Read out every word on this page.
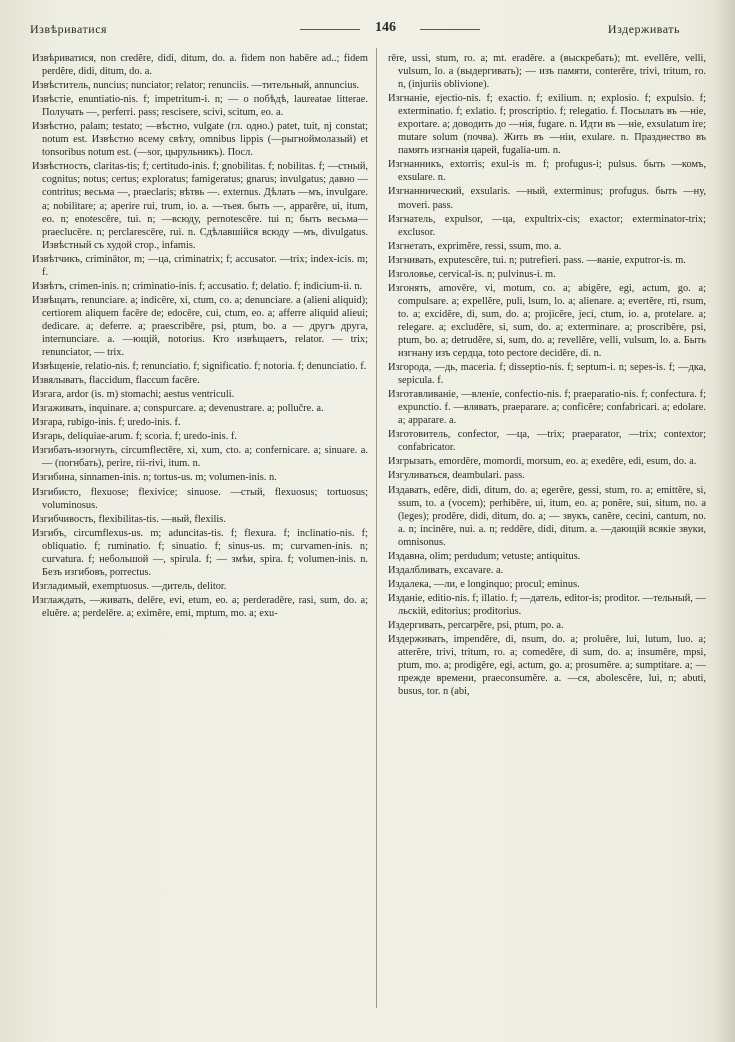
Извѣриватися	146	Издерживать

Извѣриватися, non credĕre, didi, ditum, do. a. fidem non habēre ad..; fidem perdĕre, didi, ditum, do. a.

Извѣститель, nuncius; nunciator; relator; renunciis. —тительный, annuncius.

Извѣстіе, enuntiatio-nis. f; impetritum-i. n; — о побѣдѣ, laureatae litterae. Получать —, perferri. pass; rescisere, scivi, scitum, eo. a.

Извѣстно, palam; testato; —вѣстно, vulgate (гл. одно.) patet, tuit, nj constat; notum est. Извѣстно всему свѣту, omnibus lippis (—рыгноймолазый) et tonsoribus notum est. (—sor, цырульникъ). Посл.

Извѣстность, claritas-tis; f; certitudo-inis. f; gnobilitas. f; nobilitas. f; —стный, cognitus; notus; certus; exploratus; famigeratus; gnarus; invulgatus; давно — contritus; весьма —, praeclaris; вѣтвь —. externus. Дѣлать —мъ, invulgare. a; nobilitare; a; aperire rui, trum, io. a. —тьея. быть —, apparēre, ui, itum, eo. n; enotescēre, tui. n; —всюду, pernotescēre. tui n; быть весьма— praeclucēre. n; perclarescēre, rui. n. Сдѣлавшійся всюду —мъ, divulgatus. Извѣстный съ худой стор., infamis.

Извѣтчикъ, criminātor, m; —ца, criminatrix; f; accusator. —trix; index-icis. m; f.

Извѣтъ, crimen-inis. n; criminatio-inis. f; accusatio. f; delatio. f; indicium-ii. n.

Извѣщать, renunciare. a; indicēre, xi, ctum, co. a; denunciare. a (alieni aliquid); certiorem aliquem facēre de; edocēre, cui, ctum, eo. a; afferre aliquid alieui; dedicare. a; deferre. a; praescribēre, psi, ptum, bo. a — другъ друга, internunciare. a. —ющій, notorius. Кто извѣщаетъ, relator. — trix; renunciator, — trix.

Извѣщеніе, relatio-nis. f; renunciatio. f; significatio. f; notoria. f; denunciatio. f.

Извялывать, flaccidum, flaccum facēre.

Изгага, ardor (is. m) stomachi; aestus ventriculi.

Изгаживать, inquinare. a; conspurcare. a; devenustrare. a; pollučre. a.

Изгара, rubigo-inis. f; uredo-inis. f.

Изгарь, deliquiae-arum. f; scoria. f; uredo-inis. f.

Изгибать-изогнуть, circumflectēre, xi, xum, cto. a; confernicare. a; sinuare. a. — (погнбать), perire, rii-rivi, itum. n.

Изгибина, sinnamen-inis. n; tortus-us. m; volumen-inis. n.

Изгибисто, flexuose; flexivice; sinuose. —стый, flexuosus; tortuosus; voluminosus.

Изгибчивость, flexibilitas-tis. —вый, flexilis.

Изгибъ, circumflexus-us. m; aduncitas-tis. f; flexura. f; inclinatio-nis. f; obliquatio. f; ruminatio. f; sinuatio. f; sinus-us. m; curvamen-inis. n; curvatura. f; небольшой —, spirula. f; — змѣи, spira. f; volumen-inis. n. Безъ изгибовъ, porrectus.

Изгладимый, exemptuosus. —дитель, delitor.

Изглаждать, —живать, delēre, evi, etum, eo. a; perderadēre, rasi, sum, do. a; eluĕre. a; perdelēre. a; eximĕre, emi, mptum, mo. a; exu-

rēre, ussi, stum, ro. a; mt. eradĕre. a (выскребать); mt. evellĕre, velli, vulsum, lo. a (выдергивать); — изъ памяти, conterēre, trivi, tritum, ro. n, (injuriis oblivione).

Изгнаніе, ejectio-nis. f; exactio. f; exilium. n; explosio. f; expulsio. f; exterminatio. f; exlatio. f; proscriptio. f; relegatio. f. Посылать въ —ніе, exportare. a; доводить до —нія, fugare. n. Идти въ —ніе, exsulatum ire; mutare solum (почва). Жить въ —ніи, exulare. n. Празднество въ память изгнанія царей, fugalia-um. n.

Изгнанникъ, extorris; exul-is m. f; profugus-i; pulsus. быть —комъ, exsulare. n.

Изгнаннический, exsularis. —ный, exterminus; profugus. быть —ну, moveri. pass.

Изгнатель, expulsor, —ца, expultrix-cis; exactor; exterminator-trix; exclusor.

Изгнетать, exprimĕre, ressi, ssum, mo. a.

Изгнивать, exputescēre, tui. n; putrefieri. pass. —ваніе, exputror-is. m.

Изголовье, cervical-is. n; pulvinus-i. m.

Изгонять, amovēre, vi, motum, co. a; abigĕre, egi, actum, go. a; compulsare. a; expellĕre, puli, lsum, lo. a; alienare. a; evertĕre, rti, rsum, to. a; excidĕre, di, sum, do. a; projicĕre, jeci, ctum, io. a, protelare. a; relegare. a; excludĕre, si, sum, do. a; exterminare. a; proscribĕre, psi, ptum, bo. a; detrudĕre, si, sum, do. a; revellĕre, velli, vulsum, lo. a. Быть изгнану изъ сердца, toto pectore decidĕre, di. n.

Изгорода, —дь, maceria. f; disseptio-nis. f; septum-i. n; sepes-is. f; —дка, sepicula. f.

Изготавливаніе, —вленіе, confectio-nis. f; praeparatio-nis. f; confectura. f; expunctio. f. —влявать, praeparare. a; conficĕre; confabricari. a; edolare. a; apparare. a.

Изготовитель, confector, —ца, —trix; praeparator, —trix; contextor; confabricator.

Изгрызать, emordēre, momordi, morsum, eo. a; exedĕre, edi, esum, do. a.

Изгуливаться, deambulari. pass.

Издавать, edĕre, didi, ditum, do. a; egerĕre, gessi, stum, ro. a; emittĕre, si, ssum, to. a (vocem); perhibēre, ui, itum, eo. a; ponĕre, sui, situm, no. a (leges); prodĕre, didi, ditum, do. a; — звукъ, canĕre, cecini, cantum, no. a. n; incinĕre, nui. a. n; reddĕre, didi, ditum. a. —дающій всякіе звуки, omnisonus.

Издавна, olim; perdudum; vetuste; antiquitus.

Издалбливать, excavare. a.

Издалека, —ли, e longinquo; procul; eminus.

Изданіе, editio-nis. f; illatio. f; —датель, editor-is; proditor. —тельный, —льскій, editorius; proditorius.

Издергивать, percarpĕre, psi, ptum, po. a.

Издерживать, impendĕre, di, nsum, do. a; proluĕre, lui, lutum, luo. a; atterĕre, trivi, tritum, ro. a; comedĕre, di sum, do. a; insumĕre, mpsi, ptum, mo. a; prodigĕre, egi, actum, go. a; prosumĕre. a; sumptitare. a; — прежде времени, praeconsumĕre. a. —ся, abolescĕre, lui, n; abuti, busus, tor. n (abi,
